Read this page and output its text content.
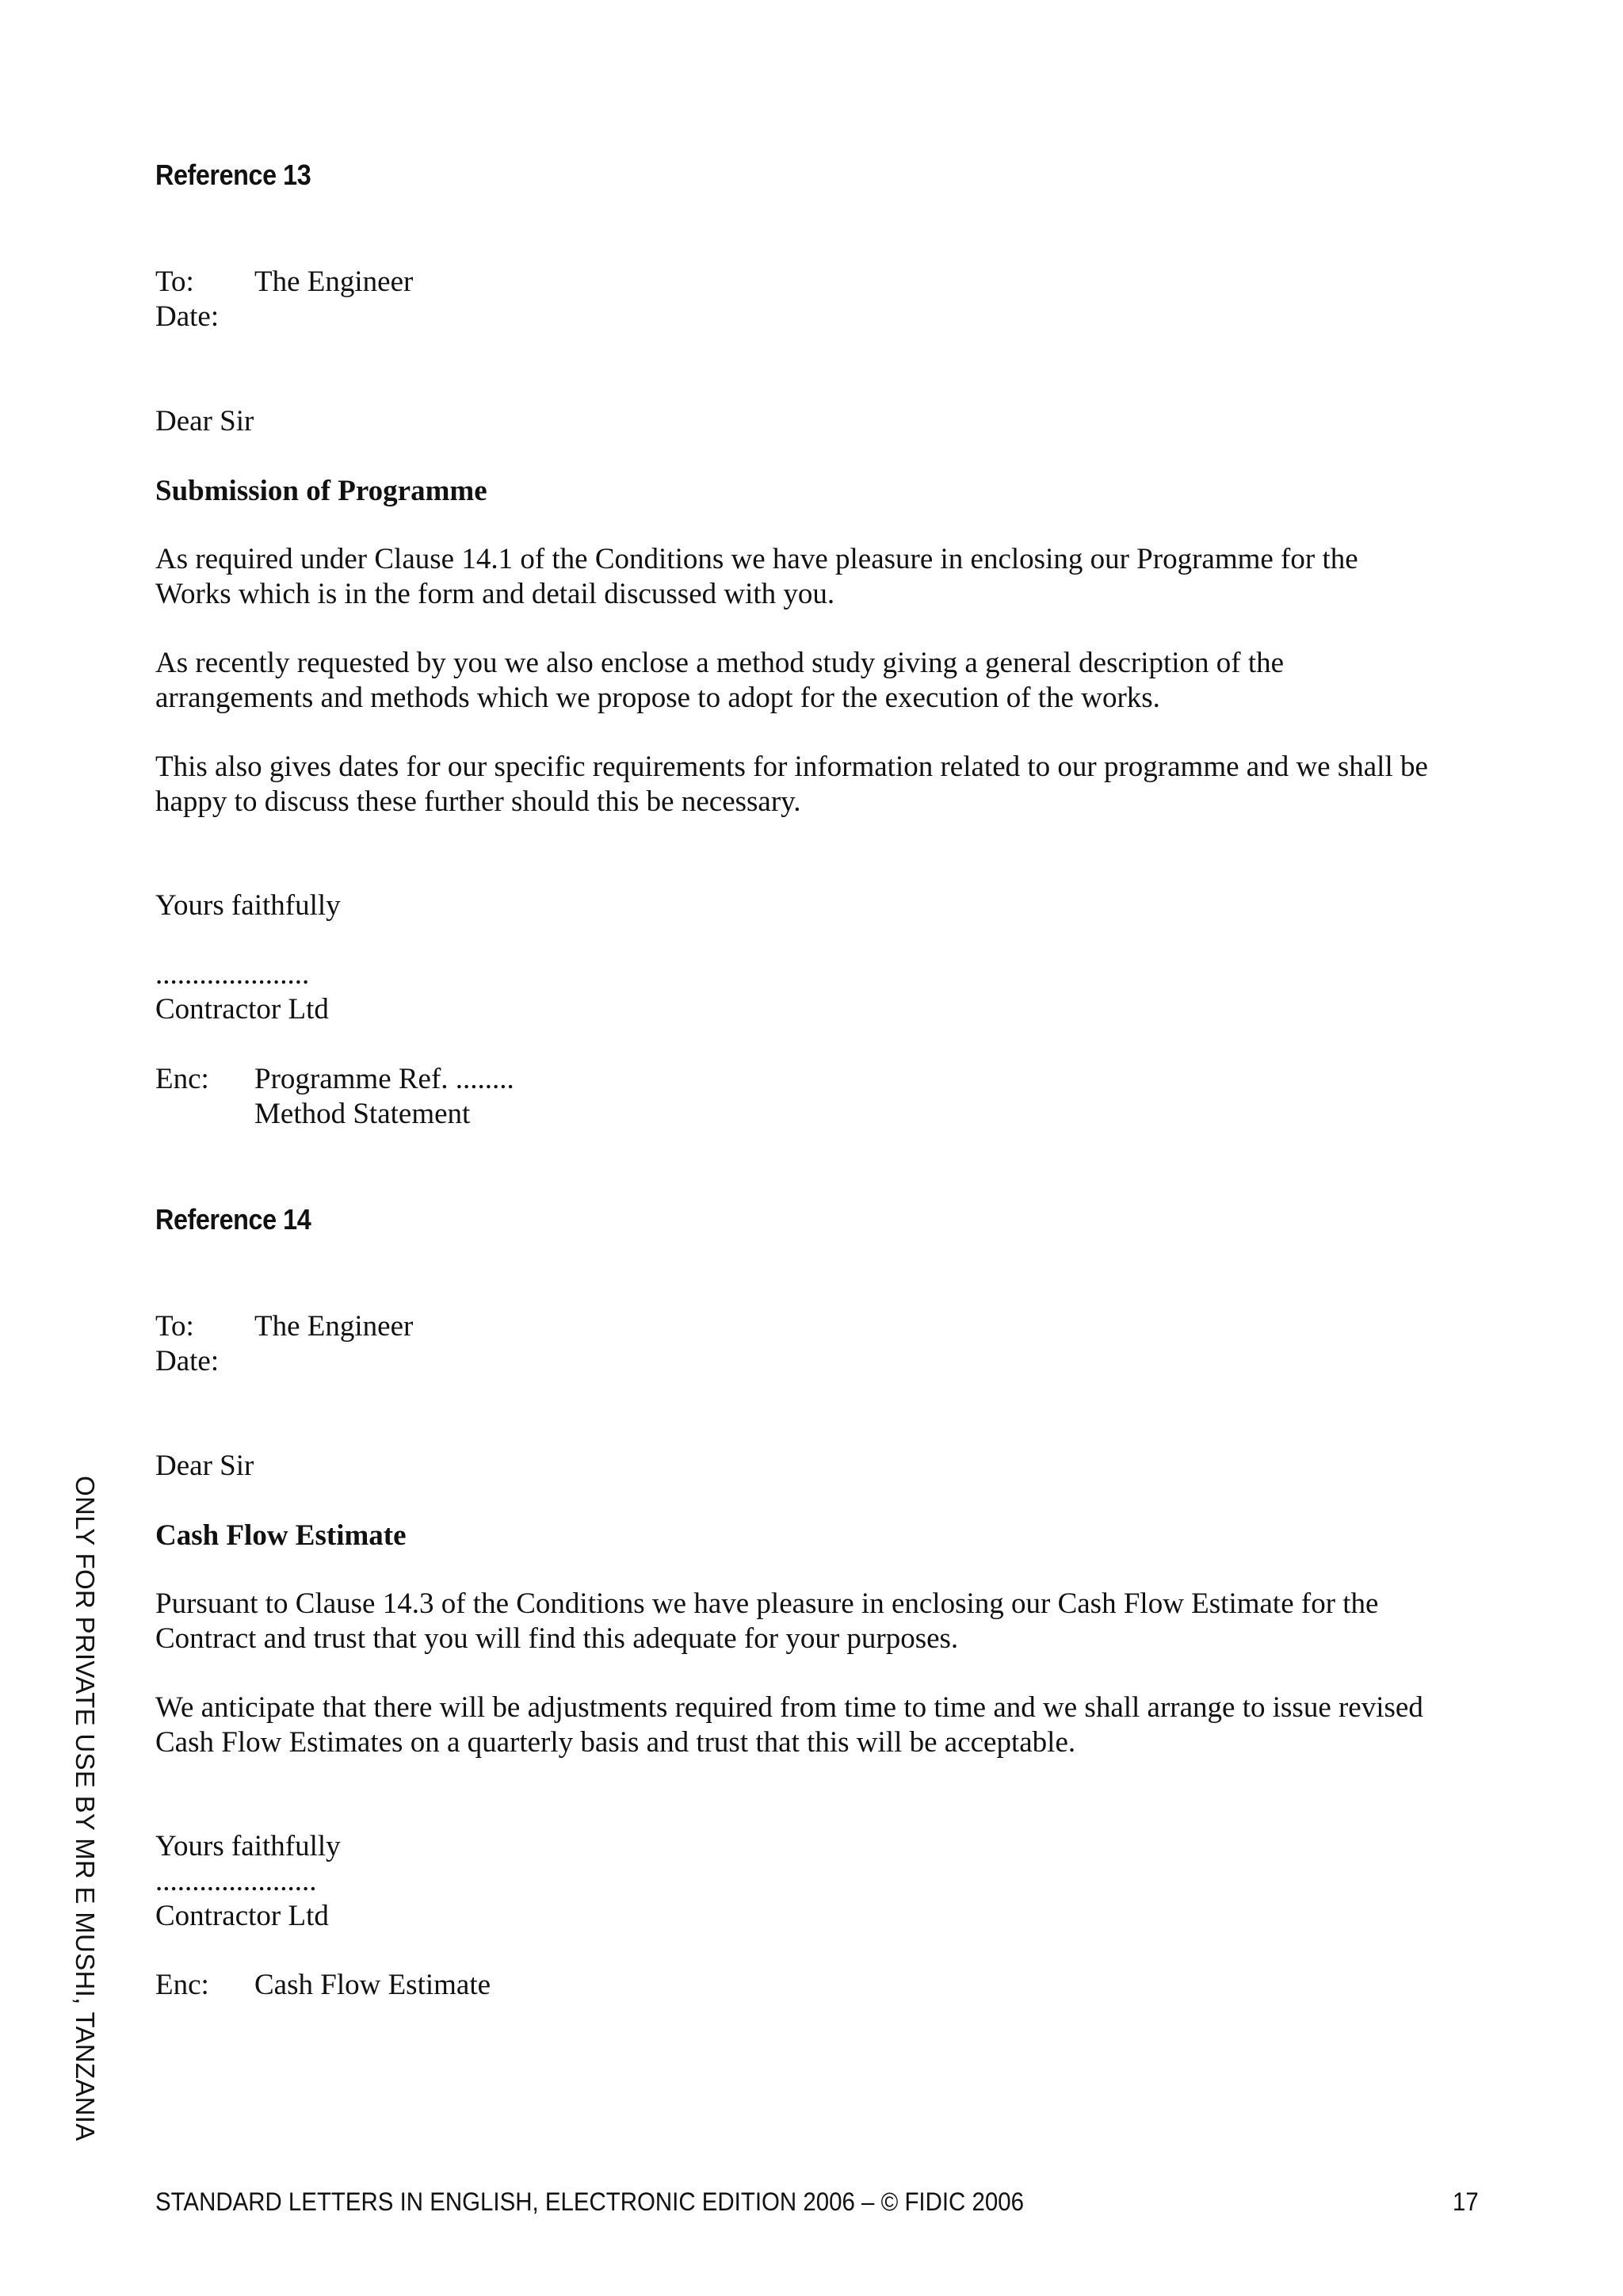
Reference 13
To: The Engineer
Date:
Dear Sir
Submission of Programme
As required under Clause 14.1 of the Conditions we have pleasure in enclosing our Programme for the
Works which is in the form and detail discussed with you.
As recently requested by you we also enclose a method study giving a general description of the
arrangements and methods which we propose to adopt for the execution of the works.
This also gives dates for our specific requirements for information related to our programme and we shall be
happy to discuss these further should this be necessary.
Yours faithfully
.....................
Contractor Ltd
Enc: Programme Ref. ........
Method Statement
Reference 14
To: The Engineer
Date:
Dear Sir
Cash Flow Estimate
Pursuant to Clause 14.3 of the Conditions we have pleasure in enclosing our Cash Flow Estimate for the
Contract and trust that you will find this adequate for your purposes.
We anticipate that there will be adjustments required from time to time and we shall arrange to issue revised
Cash Flow Estimates on a quarterly basis and trust that this will be acceptable.
Yours faithfully
......................
Contractor Ltd
Enc: Cash Flow Estimate
STANDARD LETTERS IN ENGLISH, ELECTRONIC EDITION 2006 – © FIDIC 2006	17
ONLY FOR PRIVATE USE BY MR E MUSHI, TANZANIA
